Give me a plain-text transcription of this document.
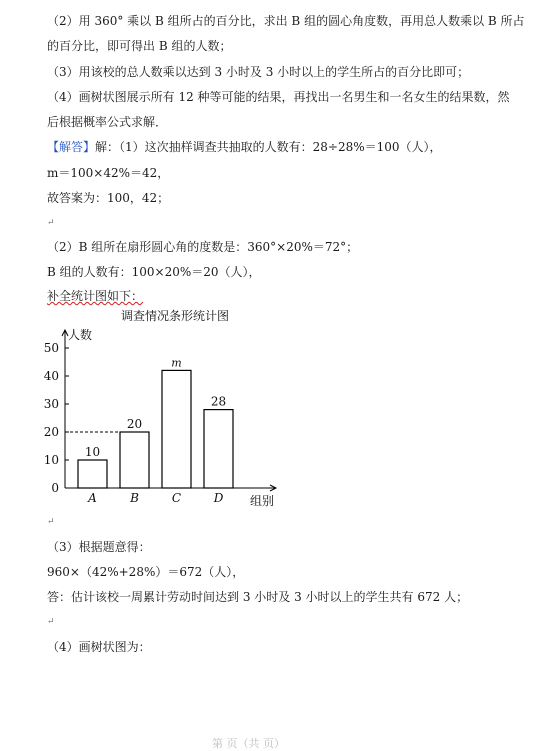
（2）用 360° 乘以 B 组所占的百分比，求出 B 组的圆心角度数，再用总人数乘以 B 所占
的百分比，即可得出 B 组的人数；
（3）用该校的总人数乘以达到 3 小时及 3 小时以上的学生所占的百分比即可；
（4）画树状图展示所有 12 种等可能的结果，再找出一名男生和一名女生的结果数，然
后根据概率公式求解．
【解答】解：（1）这次抽样调查共抽取的人数有：28÷28%＝100（人），
m＝100×42%＝42，
故答案为：100，42；
↵
（2）B 组所在扇形圆心角的度数是：360°×20%＝72°；
B 组的人数有：100×20%＝20（人），
补全统计图如下：
调查情况条形统计图
人数
组别
0
10
20
30
40
50
10
A
20
B
m
C
28
D
↵
（3）根据题意得：
960×（42%+28%）＝672（人），
答：估计该校一周累计劳动时间达到 3 小时及 3 小时以上的学生共有 672 人；
↵
（4）画树状图为：
第 页（共 页）
